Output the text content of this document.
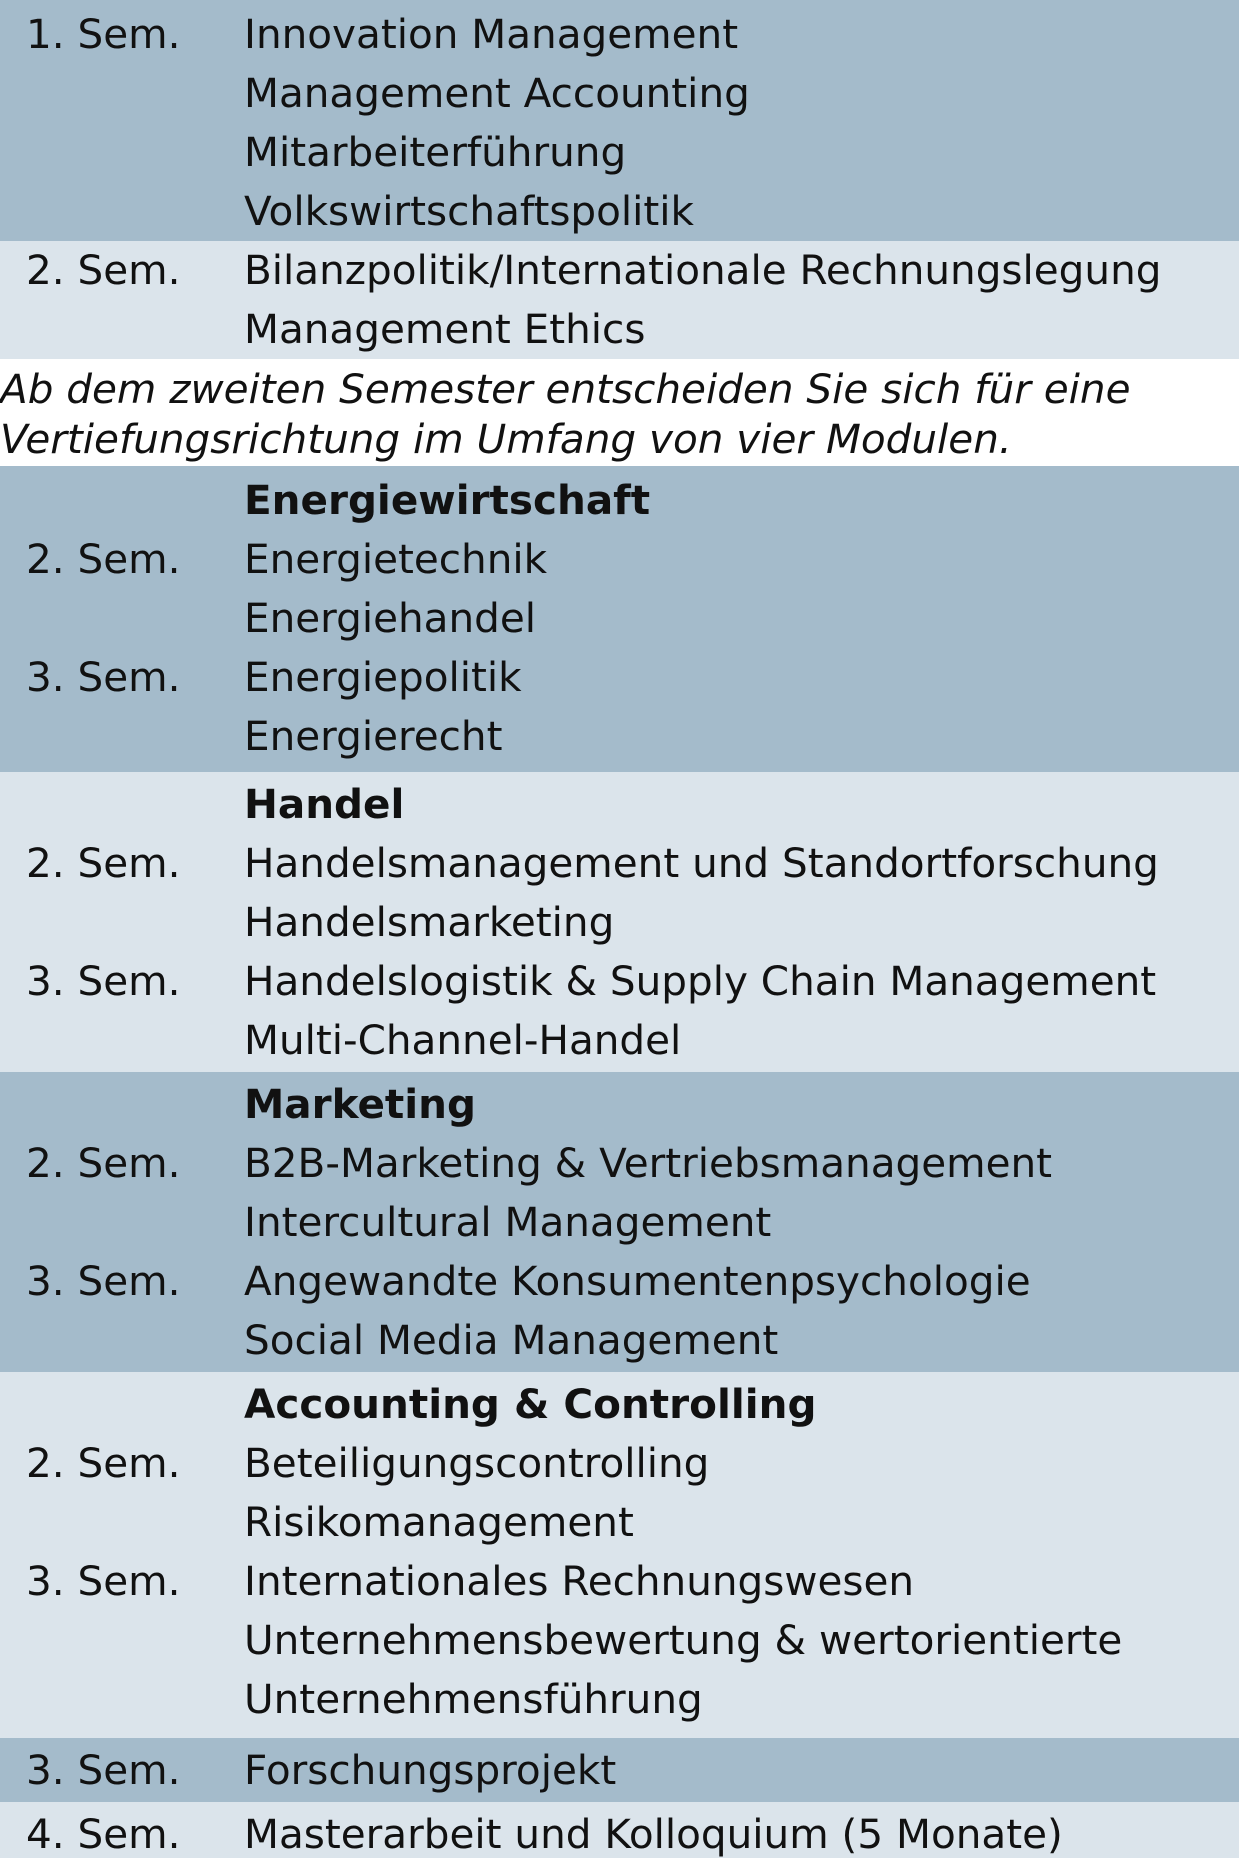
1. Sem.	Innovation Management
Management Accounting
Mitarbeiterführung
Volkswirtschaftspolitik
2. Sem.	Bilanzpolitik/Internationale Rechnungslegung
Management Ethics
Ab dem zweiten Semester entscheiden Sie sich für eine
Vertiefungsrichtung im Umfang von vier Modulen.
Energiewirtschaft
2. Sem.	Energietechnik
Energiehandel
3. Sem.	Energiepolitik
Energierecht
Handel
2. Sem.	Handelsmanagement und Standortforschung
Handelsmarketing
3. Sem.	Handelslogistik & Supply Chain Management
Multi-Channel-Handel
Marketing
2. Sem.	B2B-Marketing & Vertriebsmanagement
Intercultural Management
3. Sem.	Angewandte Konsumentenpsychologie
Social Media Management
Accounting & Controlling
2. Sem.	Beteiligungscontrolling
Risikomanagement
3. Sem.	Internationales Rechnungswesen
Unternehmensbewertung & wertorientierte
Unternehmensführung
3. Sem.	Forschungsprojekt
4. Sem.	Masterarbeit und Kolloquium (5 Monate)
